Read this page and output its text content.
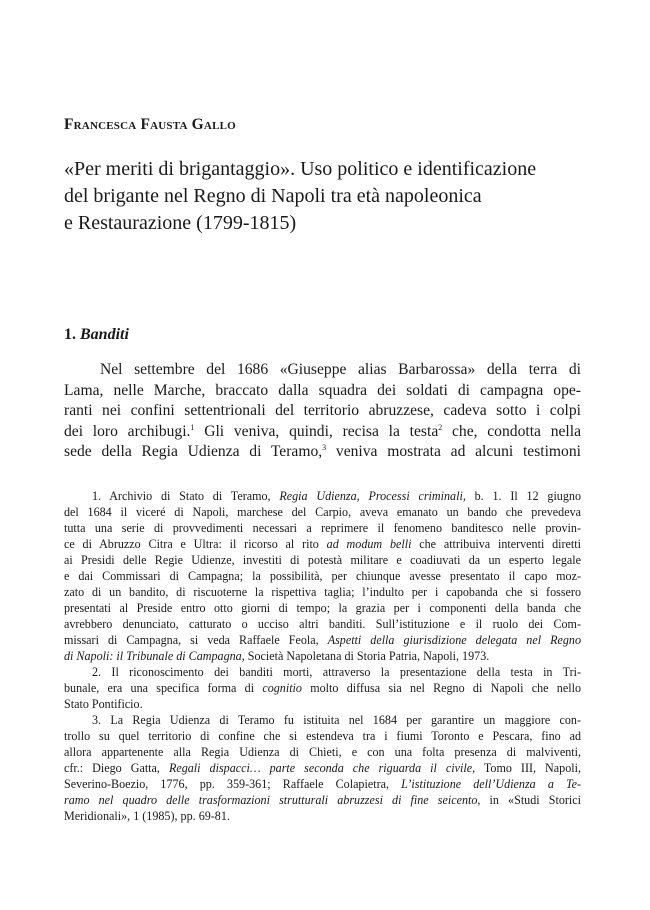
Francesca Fausta Gallo
«Per meriti di brigantaggio». Uso politico e identificazione
del brigante nel Regno di Napoli tra età napoleonica
e Restaurazione (1799-1815)
1. Banditi
Nel settembre del 1686 «Giuseppe alias Barbarossa» della terra di
Lama, nelle Marche, braccato dalla squadra dei soldati di campagna ope-
ranti nei confini settentrionali del territorio abruzzese, cadeva sotto i colpi
dei loro archibugi.$^1$ Gli veniva, quindi, recisa la testa$^2$ che, condotta nella
sede della Regia Udienza di Teramo,$^3$ veniva mostrata ad alcuni testimoni
1. Archivio di Stato di Teramo, Regia Udienza, Processi criminali, b. 1. Il 12 giugno
del 1684 il viceré di Napoli, marchese del Carpio, aveva emanato un bando che prevedeva
tutta una serie di provvedimenti necessari a reprimere il fenomeno banditesco nelle provin-
ce di Abruzzo Citra e Ultra: il ricorso al rito ad modum belli che attribuiva interventi diretti
ai Presidi delle Regie Udienze, investiti di potestà militare e coadiuvati da un esperto legale
e dai Commissari di Campagna; la possibilità, per chiunque avesse presentato il capo moz-
zato di un bandito, di riscuoterne la rispettiva taglia; l’indulto per i capobanda che si fossero
presentati al Preside entro otto giorni di tempo; la grazia per i componenti della banda che
avrebbero denunciato, catturato o ucciso altri banditi. Sull’istituzione e il ruolo dei Com-
missari di Campagna, si veda Raffaele Feola, Aspetti della giurisdizione delegata nel Regno
di Napoli: il Tribunale di Campagna, Società Napoletana di Storia Patria, Napoli, 1973.
2. Il riconoscimento dei banditi morti, attraverso la presentazione della testa in Tri-
bunale, era una specifica forma di cognitio molto diffusa sia nel Regno di Napoli che nello
Stato Pontificio.
3. La Regia Udienza di Teramo fu istituita nel 1684 per garantire un maggiore con-
trollo su quel territorio di confine che si estendeva tra i fiumi Toronto e Pescara, fino ad
allora appartenente alla Regia Udienza di Chieti, e con una folta presenza di malviventi,
cfr.: Diego Gatta, Regali dispacci… parte seconda che riguarda il civile, Tomo III, Napoli,
Severino-Boezio, 1776, pp. 359-361; Raffaele Colapietra, L’istituzione dell’Udienza a Te-
ramo nel quadro delle trasformazioni strutturali abruzzesi di fine seicento, in «Studi Storici
Meridionali», 1 (1985), pp. 69-81.
